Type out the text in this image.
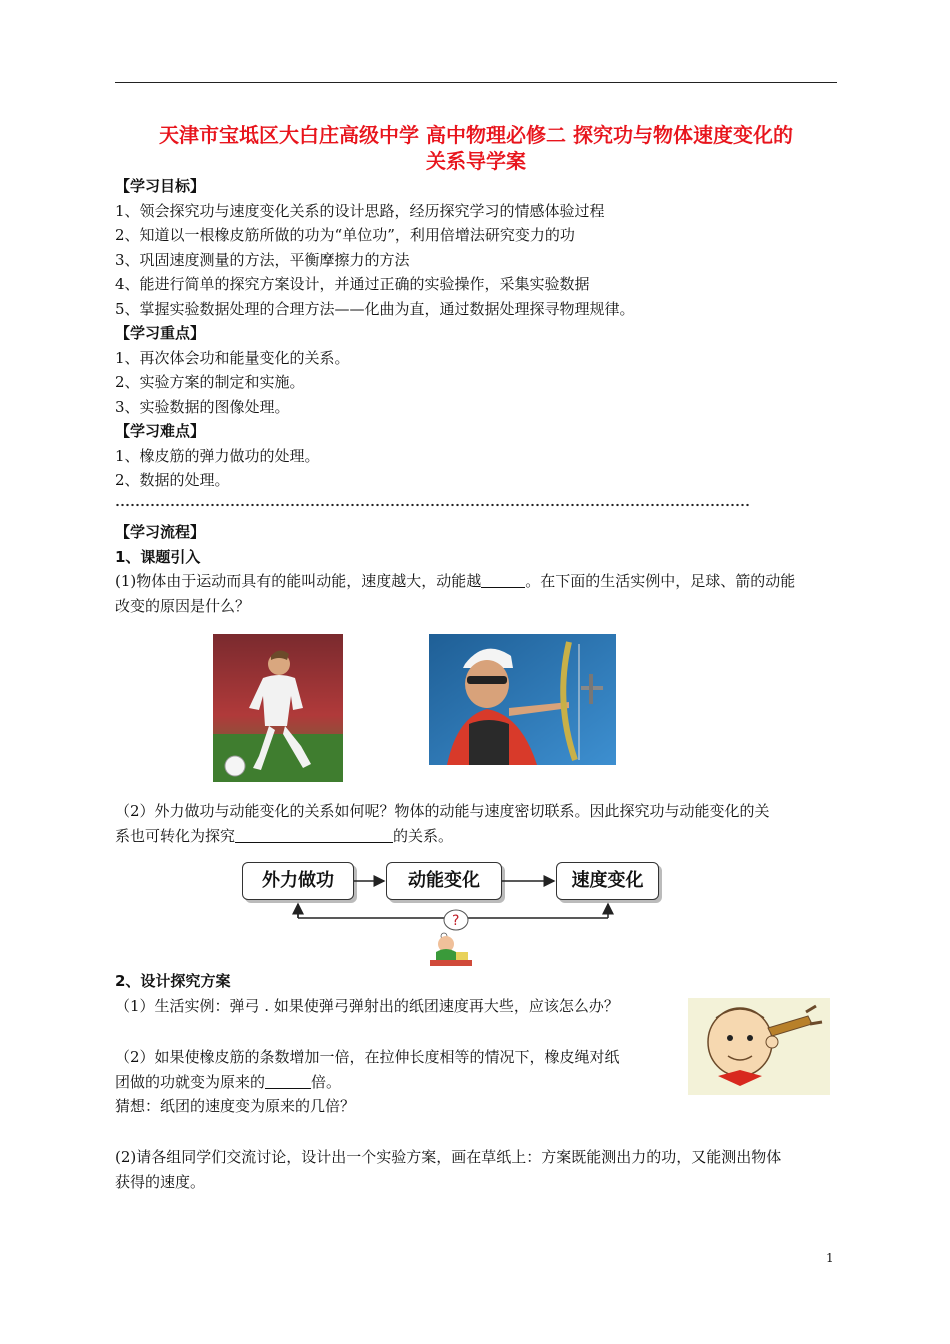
天津市宝坻区大白庄高级中学 高中物理必修二 探究功与物体速度变化的
关系导学案
【学习目标】
1、领会探究功与速度变化关系的设计思路，经历探究学习的情感体验过程
2、知道以一根橡皮筋所做的功为“单位功”，利用倍增法研究变力的功
3、巩固速度测量的方法，平衡摩擦力的方法
4、能进行简单的探究方案设计，并通过正确的实验操作，采集实验数据
5、掌握实验数据处理的合理方法——化曲为直，通过数据处理探寻物理规律。
【学习重点】
1、再次体会功和能量变化的关系。
2、实验方案的制定和实施。
3、实验数据的图像处理。
【学习难点】
1、橡皮筋的弹力做功的处理。
2、数据的处理。
【学习流程】
1、课题引入
(1)物体由于运动而具有的能叫动能，速度越大，动能越	。在下面的生活实例中，足球、箭的动能
改变的原因是什么？
（2）外力做功与动能变化的关系如何呢？物体的动能与速度密切联系。因此探究功与动能变化的关
系也可转化为探究	的关系。
外力做功	动能变化	速度变化
?
2、设计探究方案
（1）生活实例：弹弓 . 如果使弹弓弹射出的纸团速度再大些，应该怎么办？
（2）如果使橡皮筋的条数增加一倍，在拉伸长度相等的情况下，橡皮绳对纸
团做的功就变为原来的	倍。
猜想：纸团的速度变为原来的几倍？
(2)请各组同学们交流讨论，设计出一个实验方案，画在草纸上：方案既能测出力的功，又能测出物体
获得的速度。
1
